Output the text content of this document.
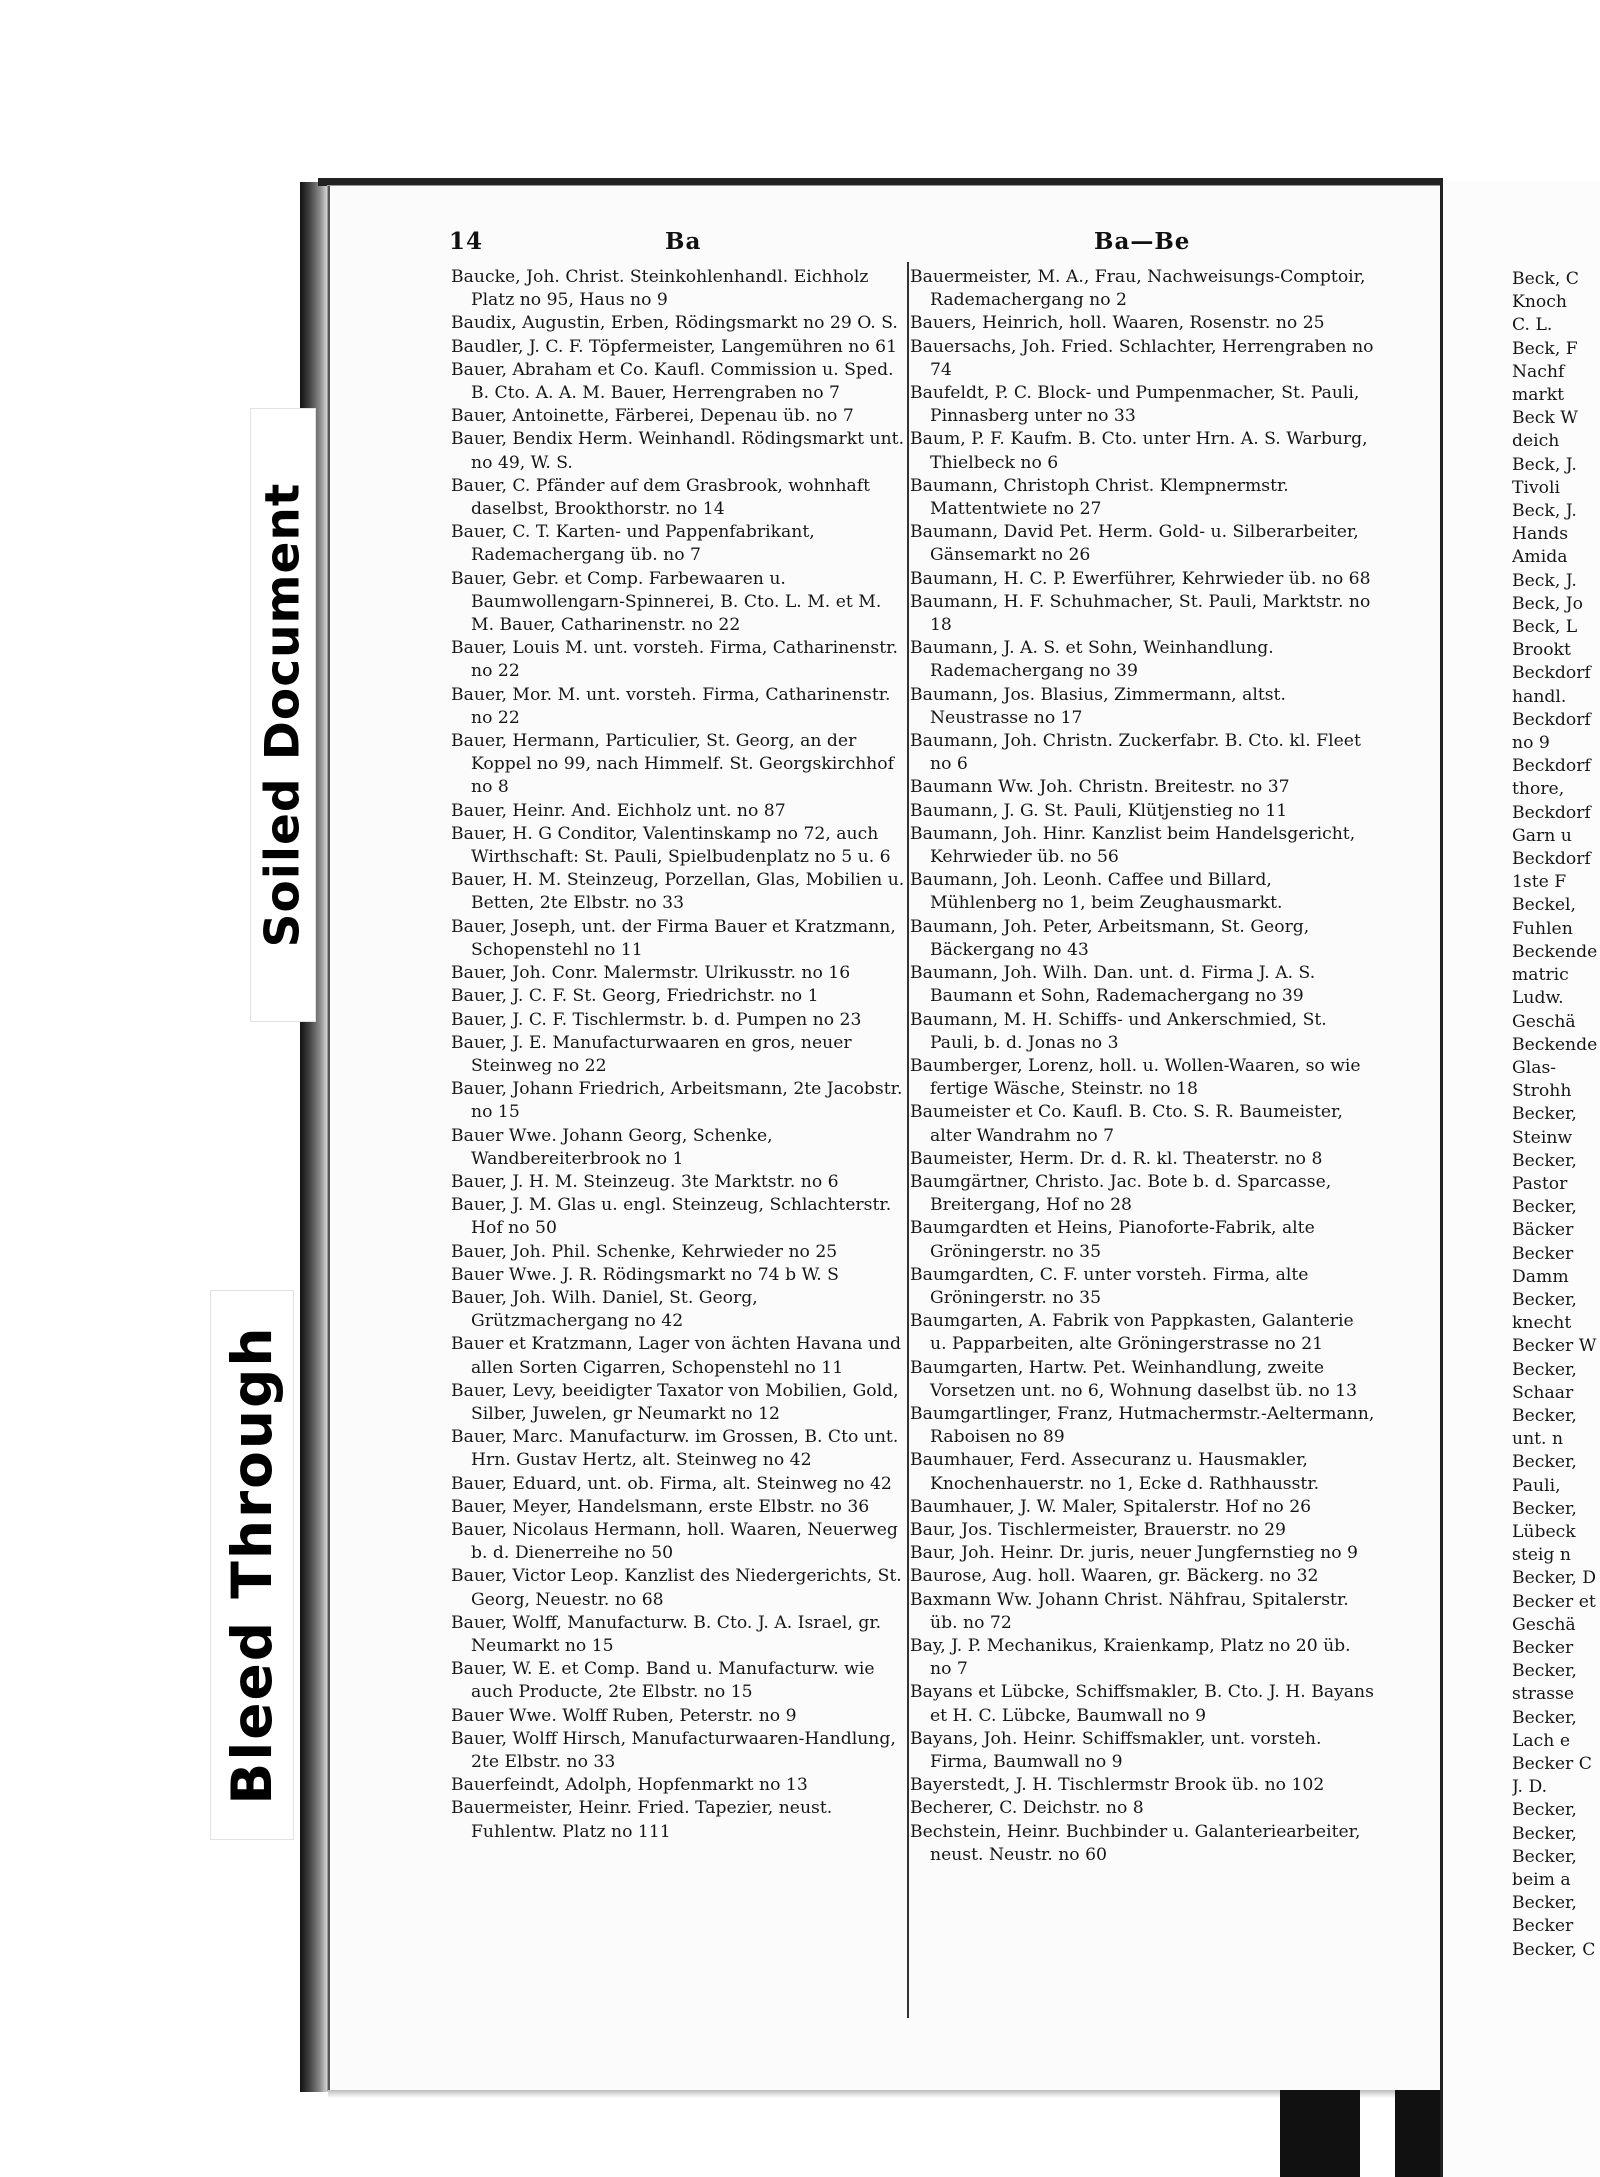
14	Ba	Ba—Be

Baucke, Joh. Christ. Steinkohlenhandl. Eichholz Platz no 95, Haus no 9

Baudix, Augustin, Erben, Rödingsmarkt no 29 O. S.

Baudler, J. C. F. Töpfermeister, Langemühren no 61

Bauer, Abraham et Co. Kaufl. Commission u. Sped. B. Cto. A. A. M. Bauer, Herrengraben no 7

Bauer, Antoinette, Färberei, Depenau üb. no 7

Bauer, Bendix Herm. Weinhandl. Rödingsmarkt unt. no 49, W. S.

Bauer, C. Pfänder auf dem Grasbrook, wohnhaft daselbst, Brookthorstr. no 14

Bauer, C. T. Karten- und Pappenfabrikant, Rademachergang üb. no 7

Bauer, Gebr. et Comp. Farbewaaren u. Baumwollengarn-Spinnerei, B. Cto. L. M. et M. M. Bauer, Catharinenstr. no 22

Bauer, Louis M. unt. vorsteh. Firma, Catharinenstr. no 22

Bauer, Mor. M. unt. vorsteh. Firma, Catharinenstr. no 22

Bauer, Hermann, Particulier, St. Georg, an der Koppel no 99, nach Himmelf. St. Georgskirchhof no 8

Bauer, Heinr. And. Eichholz unt. no 87

Bauer, H. G Conditor, Valentinskamp no 72, auch Wirthschaft: St. Pauli, Spielbudenplatz no 5 u. 6

Bauer, H. M. Steinzeug, Porzellan, Glas, Mobilien u. Betten, 2te Elbstr. no 33

Bauer, Joseph, unt. der Firma Bauer et Kratzmann, Schopenstehl no 11

Bauer, Joh. Conr. Malermstr. Ulrikusstr. no 16

Bauer, J. C. F. St. Georg, Friedrichstr. no 1

Bauer, J. C. F. Tischlermstr. b. d. Pumpen no 23

Bauer, J. E. Manufacturwaaren en gros, neuer Steinweg no 22

Bauer, Johann Friedrich, Arbeitsmann, 2te Jacobstr. no 15

Bauer Wwe. Johann Georg, Schenke, Wandbereiterbrook no 1

Bauer, J. H. M. Steinzeug. 3te Marktstr. no 6

Bauer, J. M. Glas u. engl. Steinzeug, Schlachterstr. Hof no 50

Bauer, Joh. Phil. Schenke, Kehrwieder no 25

Bauer Wwe. J. R. Rödingsmarkt no 74 b W. S

Bauer, Joh. Wilh. Daniel, St. Georg, Grützmachergang no 42

Bauer et Kratzmann, Lager von ächten Havana und allen Sorten Cigarren, Schopenstehl no 11

Bauer, Levy, beeidigter Taxator von Mobilien, Gold, Silber, Juwelen, gr Neumarkt no 12

Bauer, Marc. Manufacturw. im Grossen, B. Cto unt. Hrn. Gustav Hertz, alt. Steinweg no 42

Bauer, Eduard, unt. ob. Firma, alt. Steinweg no 42

Bauer, Meyer, Handelsmann, erste Elbstr. no 36

Bauer, Nicolaus Hermann, holl. Waaren, Neuerweg b. d. Dienerreihe no 50

Bauer, Victor Leop. Kanzlist des Niedergerichts, St. Georg, Neuestr. no 68

Bauer, Wolff, Manufacturw. B. Cto. J. A. Israel, gr. Neumarkt no 15

Bauer, W. E. et Comp. Band u. Manufacturw. wie auch Producte, 2te Elbstr. no 15

Bauer Wwe. Wolff Ruben, Peterstr. no 9

Bauer, Wolff Hirsch, Manufacturwaaren-Handlung, 2te Elbstr. no 33

Bauerfeindt, Adolph, Hopfenmarkt no 13

Bauermeister, Heinr. Fried. Tapezier, neust. Fuhlentw. Platz no 111

Bauermeister, M. A., Frau, Nachweisungs-Comptoir, Rademachergang no 2

Bauers, Heinrich, holl. Waaren, Rosenstr. no 25

Bauersachs, Joh. Fried. Schlachter, Herrengraben no 74

Baufeldt, P. C. Block- und Pumpenmacher, St. Pauli, Pinnasberg unter no 33

Baum, P. F. Kaufm. B. Cto. unter Hrn. A. S. Warburg, Thielbeck no 6

Baumann, Christoph Christ. Klempnermstr. Mattentwiete no 27

Baumann, David Pet. Herm. Gold- u. Silberarbeiter, Gänsemarkt no 26

Baumann, H. C. P. Ewerführer, Kehrwieder üb. no 68

Baumann, H. F. Schuhmacher, St. Pauli, Marktstr. no 18

Baumann, J. A. S. et Sohn, Weinhandlung. Rademachergang no 39

Baumann, Jos. Blasius, Zimmermann, altst. Neustrasse no 17

Baumann, Joh. Christn. Zuckerfabr. B. Cto. kl. Fleet no 6

Baumann Ww. Joh. Christn. Breitestr. no 37

Baumann, J. G. St. Pauli, Klütjenstieg no 11

Baumann, Joh. Hinr. Kanzlist beim Handelsgericht, Kehrwieder üb. no 56

Baumann, Joh. Leonh. Caffee und Billard, Mühlenberg no 1, beim Zeughausmarkt.

Baumann, Joh. Peter, Arbeitsmann, St. Georg, Bäckergang no 43

Baumann, Joh. Wilh. Dan. unt. d. Firma J. A. S. Baumann et Sohn, Rademachergang no 39

Baumann, M. H. Schiffs- und Ankerschmied, St. Pauli, b. d. Jonas no 3

Baumberger, Lorenz, holl. u. Wollen-Waaren, so wie fertige Wäsche, Steinstr. no 18

Baumeister et Co. Kaufl. B. Cto. S. R. Baumeister, alter Wandrahm no 7

Baumeister, Herm. Dr. d. R. kl. Theaterstr. no 8

Baumgärtner, Christo. Jac. Bote b. d. Sparcasse, Breitergang, Hof no 28

Baumgardten et Heins, Pianoforte-Fabrik, alte Gröningerstr. no 35

Baumgardten, C. F. unter vorsteh. Firma, alte Gröningerstr. no 35

Baumgarten, A. Fabrik von Pappkasten, Galanterie u. Papparbeiten, alte Gröningerstrasse no 21

Baumgarten, Hartw. Pet. Weinhandlung, zweite Vorsetzen unt. no 6, Wohnung daselbst üb. no 13

Baumgartlinger, Franz, Hutmachermstr.-Aeltermann, Raboisen no 89

Baumhauer, Ferd. Assecuranz u. Hausmakler, Knochenhauerstr. no 1, Ecke d. Rathhausstr.

Baumhauer, J. W. Maler, Spitalerstr. Hof no 26

Baur, Jos. Tischlermeister, Brauerstr. no 29

Baur, Joh. Heinr. Dr. juris, neuer Jungfernstieg no 9

Baurose, Aug. holl. Waaren, gr. Bäckerg. no 32

Baxmann Ww. Johann Christ. Nähfrau, Spitalerstr. üb. no 72

Bay, J. P. Mechanikus, Kraienkamp, Platz no 20 üb. no 7

Bayans et Lübcke, Schiffsmakler, B. Cto. J. H. Bayans et H. C. Lübcke, Baumwall no 9

Bayans, Joh. Heinr. Schiffsmakler, unt. vorsteh. Firma, Baumwall no 9

Bayerstedt, J. H. Tischlermstr Brook üb. no 102

Becherer, C. Deichstr. no 8

Bechstein, Heinr. Buchbinder u. Galanteriearbeiter, neust. Neustr. no 60

Beck, C

Knoch

C. L.

Beck, F

Nachf

markt

Beck W

deich

Beck, J.

Tivoli

Beck, J.

Hands

Amida

Beck, J.

Beck, Jo

Beck, L

Brookt

Beckdorf

handl.

Beckdorf

no 9

Beckdorf

thore,

Beckdorf

Garn u

Beckdorf

1ste F

Beckel,

Fuhlen

Beckende

matric

Ludw.

Geschä

Beckende

Glas-

Strohh

Becker,

Steinw

Becker,

Pastor

Becker,

Bäcker

Becker

Damm

Becker,

knecht

Becker W

Becker,

Schaar

Becker,

unt. n

Becker,

Pauli,

Becker,

Lübeck

steig n

Becker, D

Becker et

Geschä

Becker

Becker,

strasse

Becker,

Lach e

Becker C

J. D.

Becker,

Becker,

Becker,

beim a

Becker,

Becker

Becker, C

Soiled Document
Bleed Through
